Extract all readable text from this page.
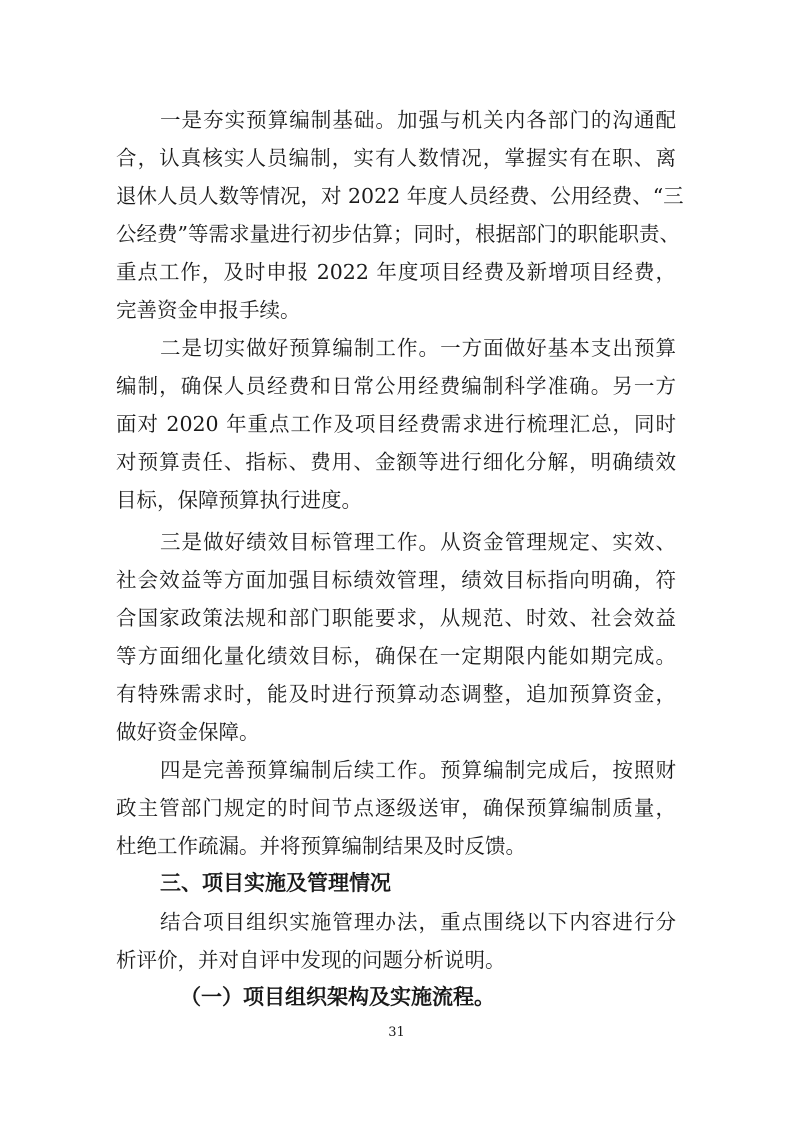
一是夯实预算编制基础。加强与机关内各部门的沟通配
合，认真核实人员编制，实有人数情况，掌握实有在职、离
退休人员人数等情况，对 2022 年度人员经费、公用经费、“三
公经费”等需求量进行初步估算；同时，根据部门的职能职责、
重点工作，及时申报 2022 年度项目经费及新增项目经费，
完善资金申报手续。
二是切实做好预算编制工作。一方面做好基本支出预算
编制，确保人员经费和日常公用经费编制科学准确。另一方
面对 2020 年重点工作及项目经费需求进行梳理汇总，同时
对预算责任、指标、费用、金额等进行细化分解，明确绩效
目标，保障预算执行进度。
三是做好绩效目标管理工作。从资金管理规定、实效、
社会效益等方面加强目标绩效管理，绩效目标指向明确，符
合国家政策法规和部门职能要求，从规范、时效、社会效益
等方面细化量化绩效目标，确保在一定期限内能如期完成。
有特殊需求时，能及时进行预算动态调整，追加预算资金，
做好资金保障。
四是完善预算编制后续工作。预算编制完成后，按照财
政主管部门规定的时间节点逐级送审，确保预算编制质量，
杜绝工作疏漏。并将预算编制结果及时反馈。
三、项目实施及管理情况
结合项目组织实施管理办法，重点围绕以下内容进行分
析评价，并对自评中发现的问题分析说明。
（一）项目组织架构及实施流程。
31
